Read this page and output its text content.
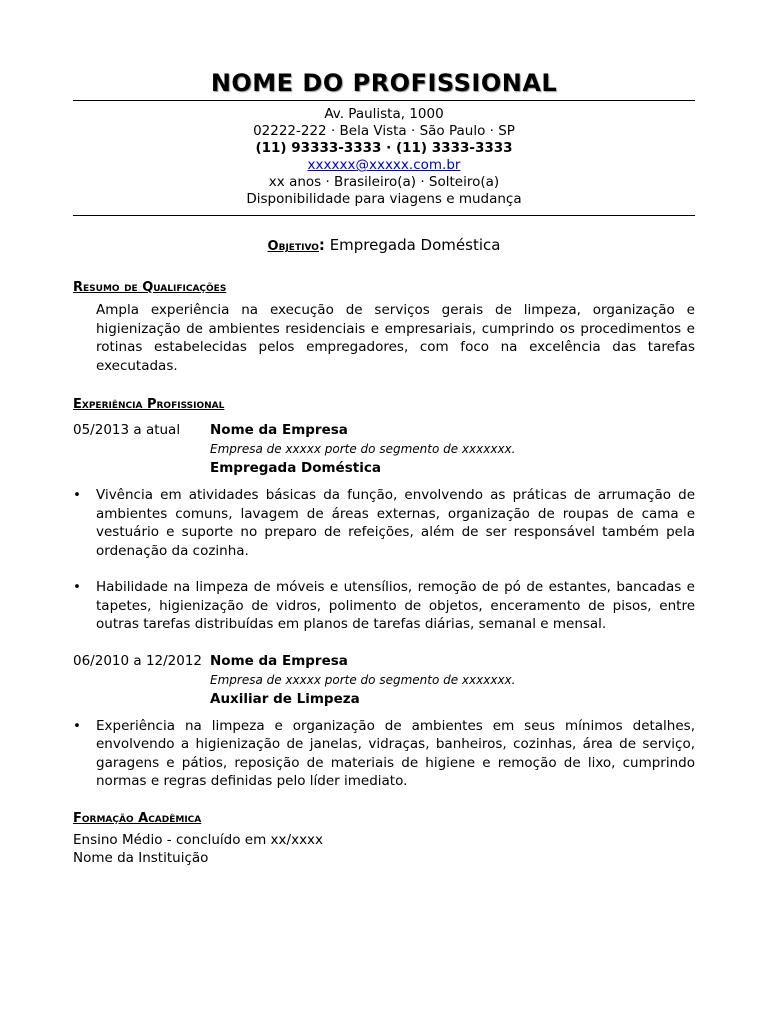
NOME DO PROFISSIONAL
Av. Paulista, 1000
02222-222 · Bela Vista · São Paulo · SP
(11) 93333-3333 · (11) 3333-3333
xxxxxx@xxxxx.com.br
xx anos · Brasileiro(a) · Solteiro(a)
Disponibilidade para viagens e mudança
Objetivo: Empregada Doméstica
Resumo de Qualificações
Ampla experiência na execução de serviços gerais de limpeza, organização e higienização de ambientes residenciais e empresariais, cumprindo os procedimentos e rotinas estabelecidas pelos empregadores, com foco na excelência das tarefas executadas.
Experiência Profissional
05/2013 a atual	Nome da Empresa
Empresa de xxxxx porte do segmento de xxxxxxx.
Empregada Doméstica
• Vivência em atividades básicas da função, envolvendo as práticas de arrumação de ambientes comuns, lavagem de áreas externas, organização de roupas de cama e vestuário e suporte no preparo de refeições, além de ser responsável também pela ordenação da cozinha.
• Habilidade na limpeza de móveis e utensílios, remoção de pó de estantes, bancadas e tapetes, higienização de vidros, polimento de objetos, enceramento de pisos, entre outras tarefas distribuídas em planos de tarefas diárias, semanal e mensal.
06/2010 a 12/2012 Nome da Empresa
Empresa de xxxxx porte do segmento de xxxxxxx.
Auxiliar de Limpeza
• Experiência na limpeza e organização de ambientes em seus mínimos detalhes, envolvendo a higienização de janelas, vidraças, banheiros, cozinhas, área de serviço, garagens e pátios, reposição de materiais de higiene e remoção de lixo, cumprindo normas e regras definidas pelo líder imediato.
Formação Acadêmica
Ensino Médio - concluído em xx/xxxx
Nome da Instituição
